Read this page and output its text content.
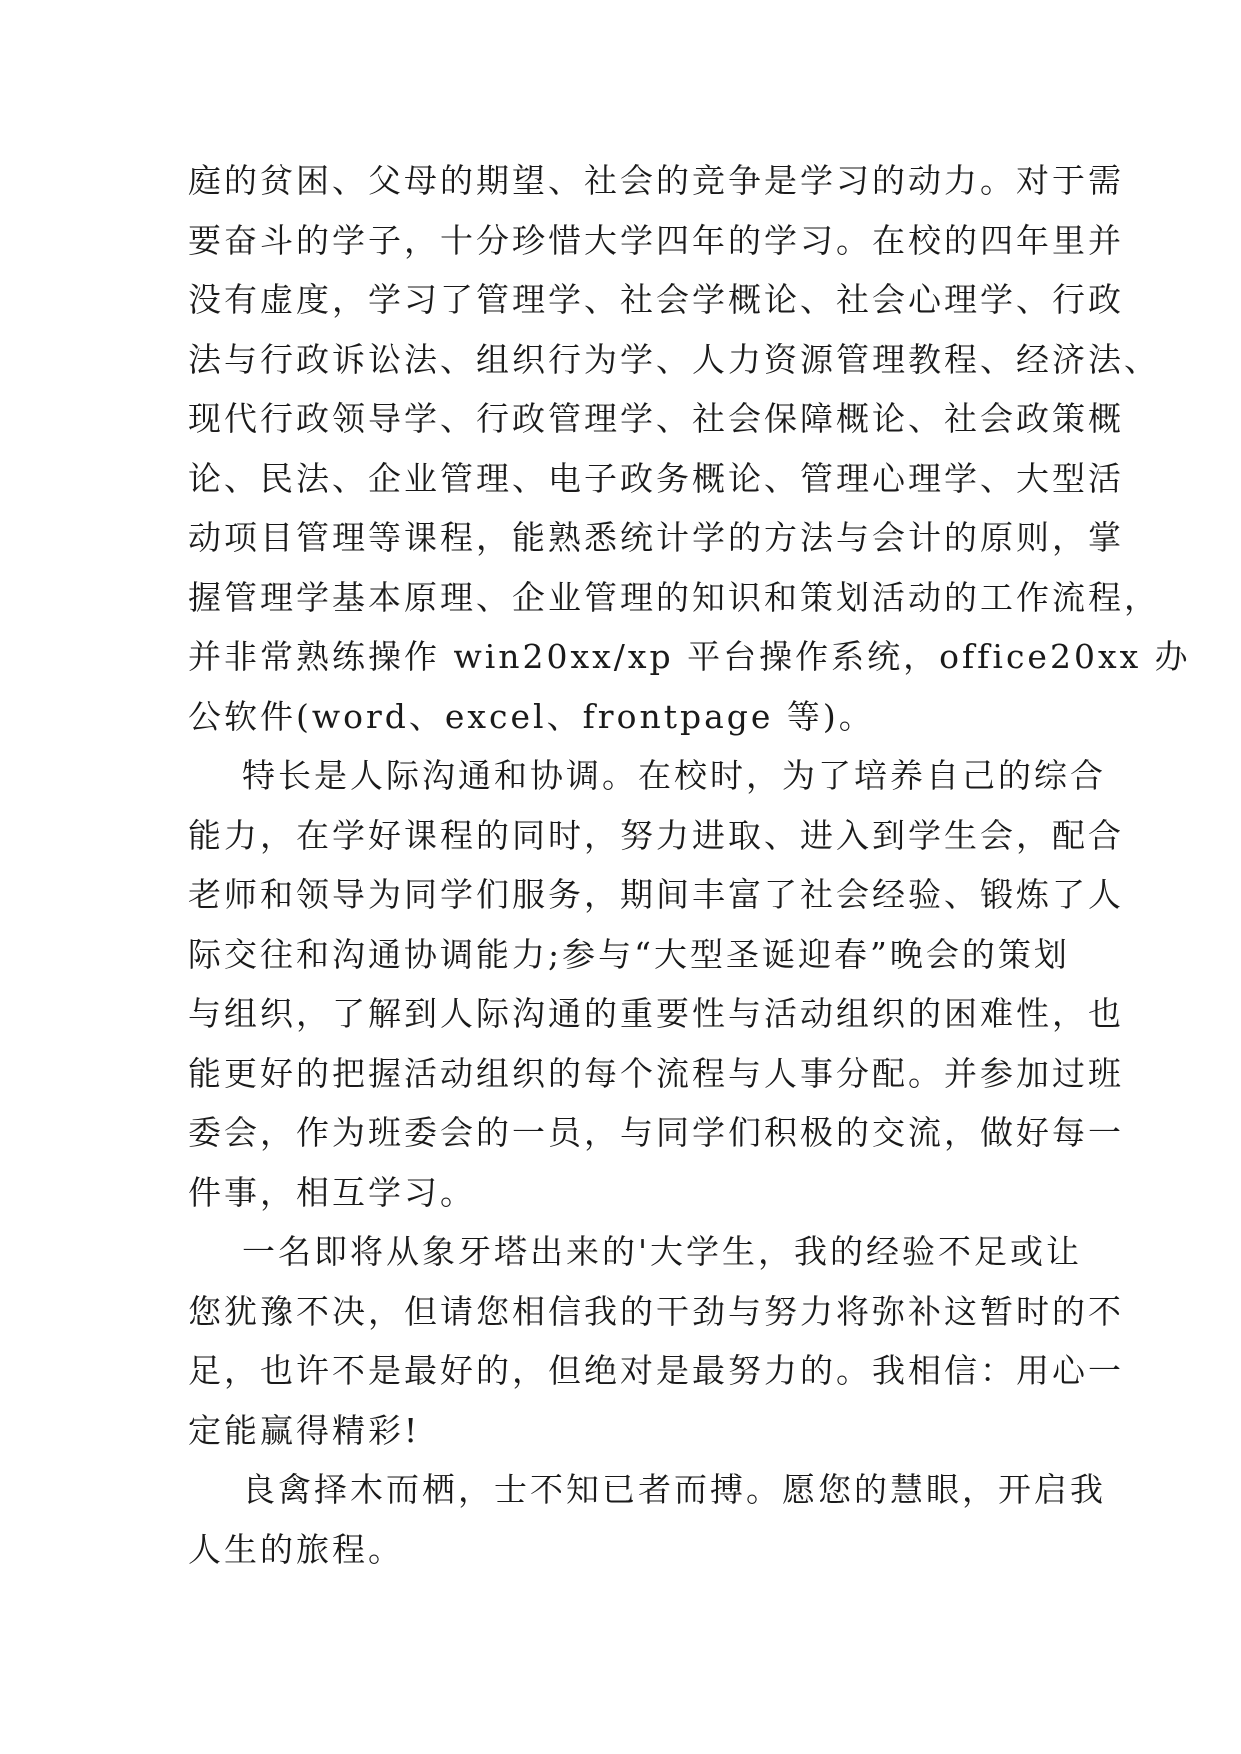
庭的贫困、父母的期望、社会的竞争是学习的动力。对于需
要奋斗的学子，十分珍惜大学四年的学习。在校的四年里并
没有虚度，学习了管理学、社会学概论、社会心理学、行政
法与行政诉讼法、组织行为学、人力资源管理教程、经济法、
现代行政领导学、行政管理学、社会保障概论、社会政策概
论、民法、企业管理、电子政务概论、管理心理学、大型活
动项目管理等课程，能熟悉统计学的方法与会计的原则，掌
握管理学基本原理、企业管理的知识和策划活动的工作流程，
并非常熟练操作 win20xx/xp 平台操作系统，office20xx 办
公软件(word、excel、frontpage 等)。
特长是人际沟通和协调。在校时，为了培养自己的综合
能力，在学好课程的同时，努力进取、进入到学生会，配合
老师和领导为同学们服务，期间丰富了社会经验、锻炼了人
际交往和沟通协调能力;参与“大型圣诞迎春”晚会的策划
与组织，了解到人际沟通的重要性与活动组织的困难性，也
能更好的把握活动组织的每个流程与人事分配。并参加过班
委会，作为班委会的一员，与同学们积极的交流，做好每一
件事，相互学习。
一名即将从象牙塔出来的'大学生，我的经验不足或让
您犹豫不决，但请您相信我的干劲与努力将弥补这暂时的不
足，也许不是最好的，但绝对是最努力的。我相信：用心一
定能赢得精彩!
良禽择木而栖，士不知已者而搏。愿您的慧眼，开启我
人生的旅程。
